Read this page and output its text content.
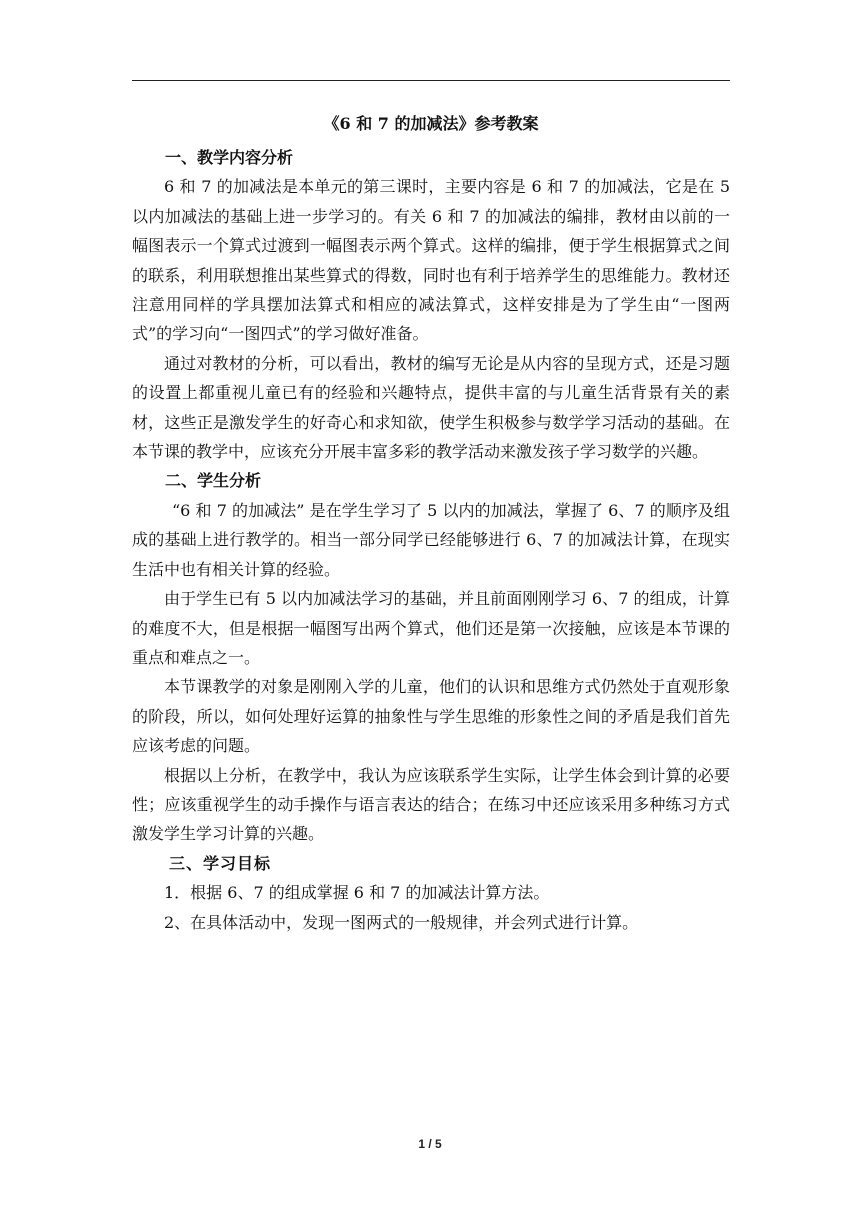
《6 和 7 的加减法》参考教案

一、教学内容分析

6 和 7 的加减法是本单元的第三课时，主要内容是 6 和 7 的加减法，它是在 5 以内加减法的基础上进一步学习的。有关 6 和 7 的加减法的编排，教材由以前的一幅图表示一个算式过渡到一幅图表示两个算式。这样的编排，便于学生根据算式之间的联系，利用联想推出某些算式的得数，同时也有利于培养学生的思维能力。教材还注意用同样的学具摆加法算式和相应的减法算式，这样安排是为了学生由“一图两式”的学习向“一图四式”的学习做好准备。

通过对教材的分析，可以看出，教材的编写无论是从内容的呈现方式，还是习题的设置上都重视儿童已有的经验和兴趣特点，提供丰富的与儿童生活背景有关的素材，这些正是激发学生的好奇心和求知欲，使学生积极参与数学学习活动的基础。在本节课的教学中，应该充分开展丰富多彩的教学活动来激发孩子学习数学的兴趣。

二、学生分析

“6 和 7 的加减法” 是在学生学习了 5 以内的加减法，掌握了 6、7 的顺序及组成的基础上进行教学的。相当一部分同学已经能够进行 6、7 的加减法计算，在现实生活中也有相关计算的经验。

由于学生已有 5 以内加减法学习的基础，并且前面刚刚学习 6、7 的组成，计算的难度不大，但是根据一幅图写出两个算式，他们还是第一次接触，应该是本节课的重点和难点之一。

本节课教学的对象是刚刚入学的儿童，他们的认识和思维方式仍然处于直观形象的阶段，所以，如何处理好运算的抽象性与学生思维的形象性之间的矛盾是我们首先应该考虑的问题。

根据以上分析，在教学中，我认为应该联系学生实际，让学生体会到计算的必要性；应该重视学生的动手操作与语言表达的结合；在练习中还应该采用多种练习方式激发学生学习计算的兴趣。

三、学习目标

1．根据 6、7 的组成掌握 6 和 7 的加减法计算方法。

2、在具体活动中，发现一图两式的一般规律，并会列式进行计算。

1 / 5
